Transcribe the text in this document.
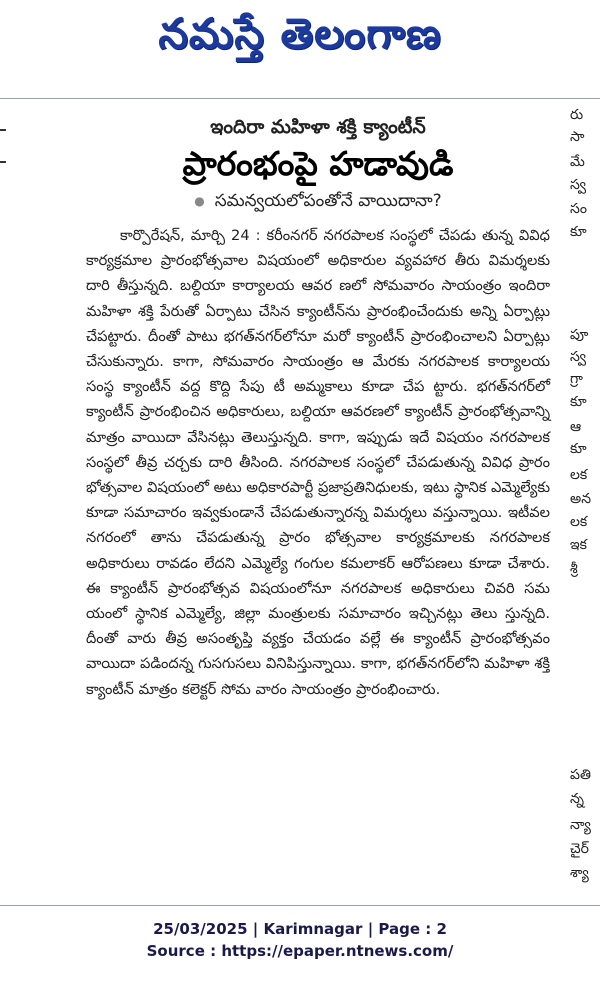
నమస్తే తెలంగాణ
ఇందిరా మహిళా శక్తి క్యాంటీన్
ప్రారంభంపై హడావుడి
● సమన్వయలోపంతోనే వాయిదానా?

కార్పొరేషన్, మార్చి 24 : కరీంనగర్ నగరపాలక సంస్థలో చేపడు తున్న వివిధ కార్యక్రమాల ప్రారంభోత్సవాల విషయంలో అధికారుల వ్యవహార తీరు విమర్శలకు దారి తీస్తున్నది. బల్దియా కార్యాలయ ఆవర ణలో సోమవారం సాయంత్రం ఇందిరా మహిళా శక్తి పేరుతో ఏర్పాటు చేసిన క్యాంటీన్‌ను ప్రారంభించేందుకు అన్ని ఏర్పాట్లు చేపట్టారు. దీంతో పాటు భగత్‌నగర్‌లోనూ మరో క్యాంటీన్ ప్రారంభించాలని ఏర్పాట్లు చేసుకున్నారు. కాగా, సోమవారం సాయంత్రం ఆ మేరకు నగరపాలక కార్యాలయ సంస్థ క్యాంటీన్ వద్ద కొద్ది సేపు టీ అమ్మకాలు కూడా చేప ట్టారు. భగత్‌నగర్‌లో క్యాంటీన్ ప్రారంభించిన అధికారులు, బల్దియా ఆవరణలో క్యాంటీన్ ప్రారంభోత్సవాన్ని మాత్రం వాయిదా వేసినట్లు తెలుస్తున్నది. కాగా, ఇప్పుడు ఇదే విషయం నగరపాలక సంస్థలో తీవ్ర చర్చకు దారి తీసింది. నగరపాలక సంస్థలో చేపడుతున్న వివిధ ప్రారం భోత్సవాల విషయంలో అటు అధికారపార్టీ ప్రజాప్రతినిధులకు, ఇటు స్థానిక ఎమ్మెల్యేకు కూడా సమాచారం ఇవ్వకుండానే చేపడుతున్నారన్న విమర్శలు వస్తున్నాయి. ఇటీవల నగరంలో తాను చేపడుతున్న ప్రారం భోత్సవాల కార్యక్రమాలకు నగరపాలక అధికారులు రావడం లేదని ఎమ్మెల్యే గంగుల కమలాకర్ ఆరోపణలు కూడా చేశారు. ఈ క్యాంటీన్ ప్రారంభోత్సవ విషయంలోనూ నగరపాలక అధికారులు చివరి సమ యంలో స్థానిక ఎమ్మెల్యే, జిల్లా మంత్రులకు సమాచారం ఇచ్చినట్లు తెలు స్తున్నది. దీంతో వారు తీవ్ర అసంతృప్తి వ్యక్తం చేయడం వల్లే ఈ క్యాంటీన్ ప్రారంభోత్సవం వాయిదా పడిందన్న గుసగుసలు వినిపిస్తున్నాయి. కాగా, భగత్‌నగర్‌లోని మహిళా శక్తి క్యాంటీన్ మాత్రం కలెక్టర్ సోమ వారం సాయంత్రం ప్రారంభించారు.

రు
సా
మే
స్వ
సం
కూ
పూ
స్వ
గ్రా
కూ
ఆ
కూ
లక
అన
లక
ఇక
శ్రీ
పతి
న్న
న్యా
చైర్
శ్యా
25/03/2025 | Karimnagar | Page : 2
Source : https://epaper.ntnews.com/
